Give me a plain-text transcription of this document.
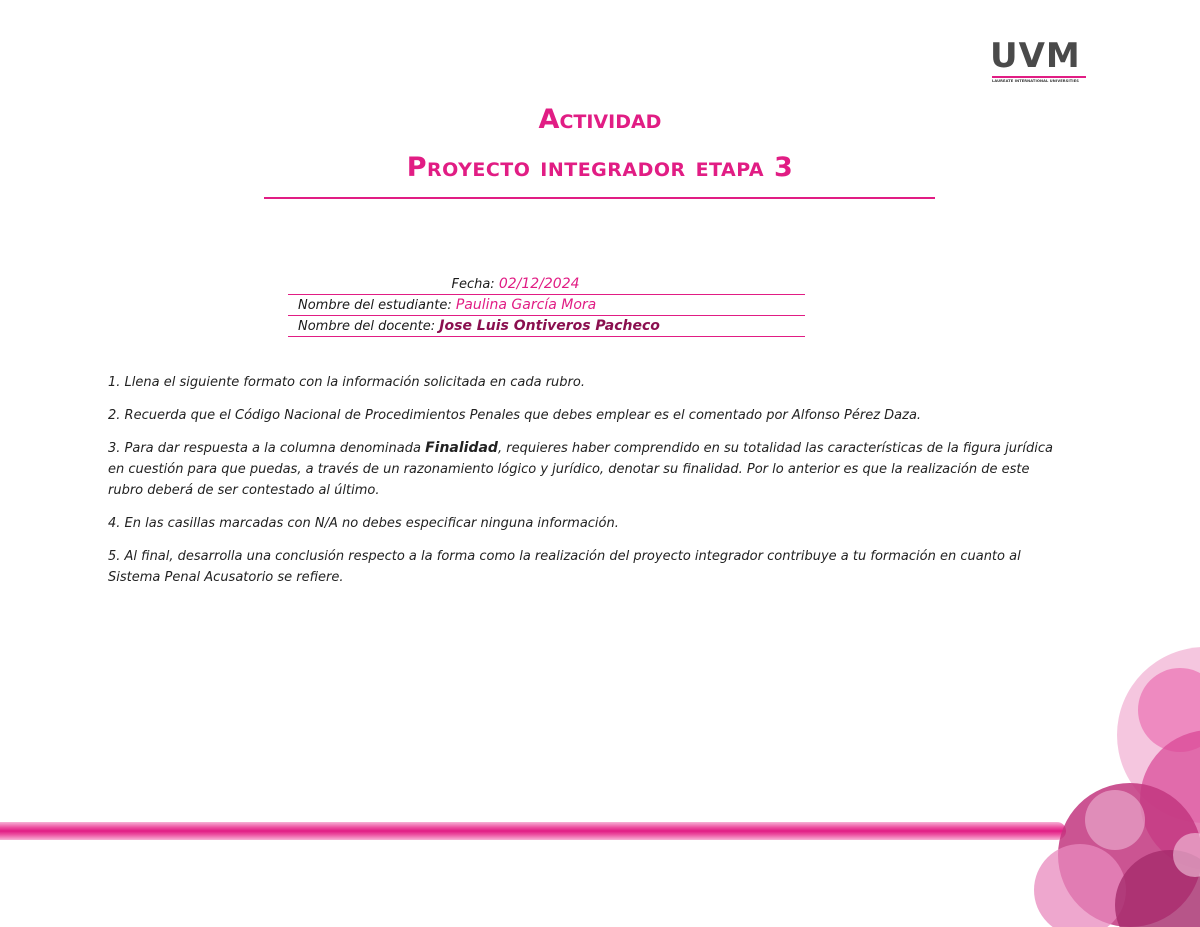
UVM
LAUREATE INTERNATIONAL UNIVERSITIES
Actividad
Proyecto integrador etapa 3
Fecha: 02/12/2024
Nombre del estudiante: Paulina García Mora
Nombre del docente: Jose Luis Ontiveros Pacheco

1. Llena el siguiente formato con la información solicitada en cada rubro.

2. Recuerda que el Código Nacional de Procedimientos Penales que debes emplear es el comentado por Alfonso Pérez Daza.

3. Para dar respuesta a la columna denominada Finalidad, requieres haber comprendido en su totalidad las características de la figura jurídica en cuestión para que puedas, a través de un razonamiento lógico y jurídico, denotar su finalidad. Por lo anterior es que la realización de este rubro deberá de ser contestado al último.

4. En las casillas marcadas con N/A no debes especificar ninguna información.

5. Al final, desarrolla una conclusión respecto a la forma como la realización del proyecto integrador contribuye a tu formación en cuanto al Sistema Penal Acusatorio se refiere.
